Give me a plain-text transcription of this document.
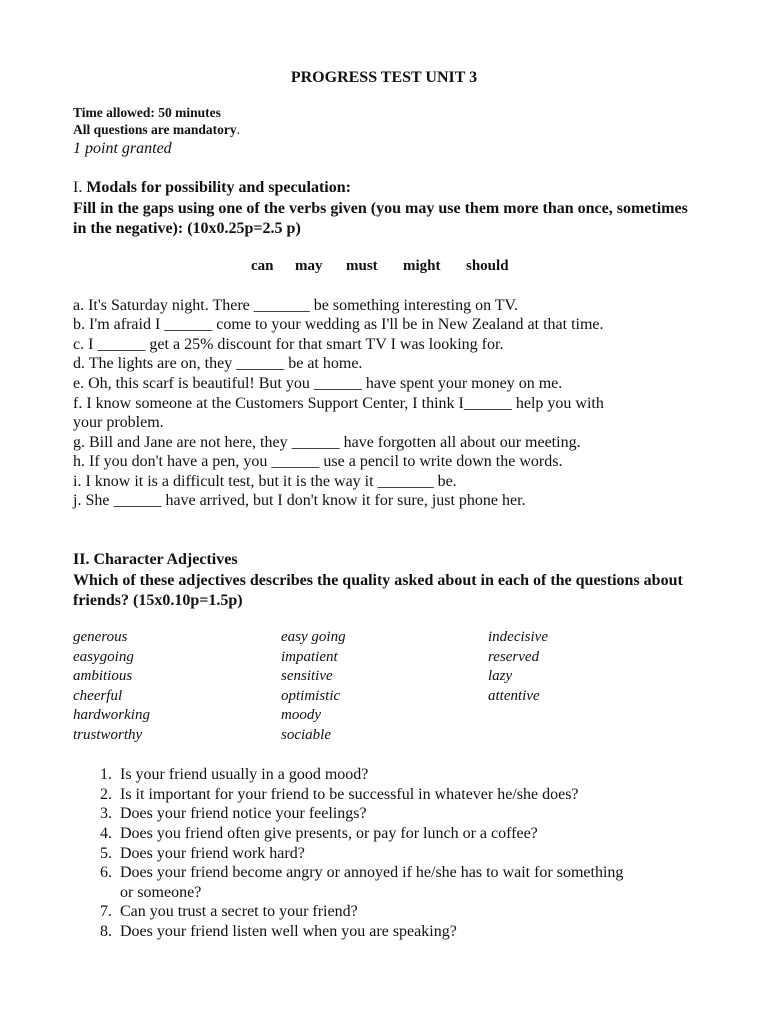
PROGRESS TEST UNIT 3
Time allowed: 50 minutes
All questions are mandatory.
1 point granted
I. Modals for possibility and speculation:
Fill in the gaps using one of the verbs given (you may use them more than once, sometimes in the negative): (10x0.25p=2.5 p)
can may must might should
a. It's Saturday night. There _______ be something interesting on TV.
b. I'm afraid I ______ come to your wedding as I'll be in New Zealand at that time.
c. I ______ get a 25% discount for that smart TV I was looking for.
d. The lights are on, they ______ be at home.
e. Oh, this scarf is beautiful! But you ______ have spent your money on me.
f. I know someone at the Customers Support Center, I think I______ help you with
your problem.
g. Bill and Jane are not here, they ______ have forgotten all about our meeting.
h. If you don't have a pen, you ______ use a pencil to write down the words.
i. I know it is a difficult test, but it is the way it _______ be.
j. She ______ have arrived, but I don't know it for sure, just phone her.
II. Character Adjectives
Which of these adjectives describes the quality asked about in each of the questions about friends? (15x0.10p=1.5p)
generous
easygoing
ambitious
cheerful
hardworking
trustworthy
easy going
impatient
sensitive
optimistic
moody
sociable
indecisive
reserved
lazy
attentive
1. Is your friend usually in a good mood?
2. Is it important for your friend to be successful in whatever he/she does?
3. Does your friend notice your feelings?
4. Does you friend often give presents, or pay for lunch or a coffee?
5. Does your friend work hard?
6. Does your friend become angry or annoyed if he/she has to wait for something
or someone?
7. Can you trust a secret to your friend?
8. Does your friend listen well when you are speaking?
